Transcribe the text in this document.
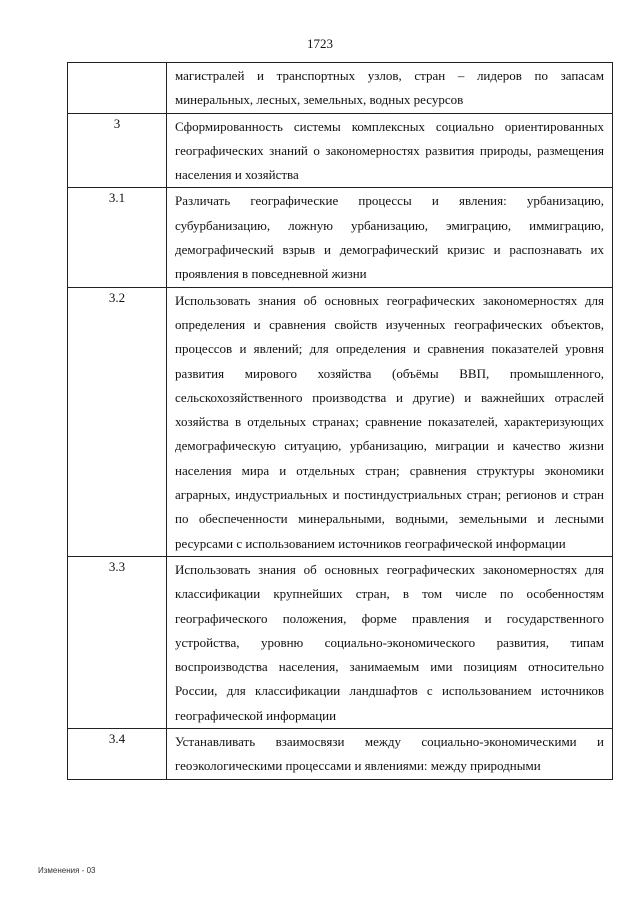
1723
	магистралей и транспортных узлов, стран – лидеров по запасам минеральных, лесных, земельных, водных ресурсов
3	Сформированность системы комплексных социально ориентированных географических знаний о закономерностях развития природы, размещения населения и хозяйства
3.1	Различать географические процессы и явления: урбанизацию, субурбанизацию, ложную урбанизацию, эмиграцию, иммиграцию, демографический взрыв и демографический кризис и распознавать их проявления в повседневной жизни
3.2	Использовать знания об основных географических закономерностях для определения и сравнения свойств изученных географических объектов, процессов и явлений; для определения и сравнения показателей уровня развития мирового хозяйства (объёмы ВВП, промышленного, сельскохозяйственного производства и другие) и важнейших отраслей хозяйства в отдельных странах; сравнение показателей, характеризующих демографическую ситуацию, урбанизацию, миграции и качество жизни населения мира и отдельных стран; сравнения структуры экономики аграрных, индустриальных и постиндустриальных стран; регионов и стран по обеспеченности минеральными, водными, земельными и лесными ресурсами с использованием источников географической информации
3.3	Использовать знания об основных географических закономерностях для классификации крупнейших стран, в том числе по особенностям географического положения, форме правления и государственного устройства, уровню социально-экономического развития, типам воспроизводства населения, занимаемым ими позициям относительно России, для классификации ландшафтов с использованием источников географической информации
3.4	Устанавливать взаимосвязи между социально-экономическими и геоэкологическими процессами и явлениями: между природными
Изменения - 03
